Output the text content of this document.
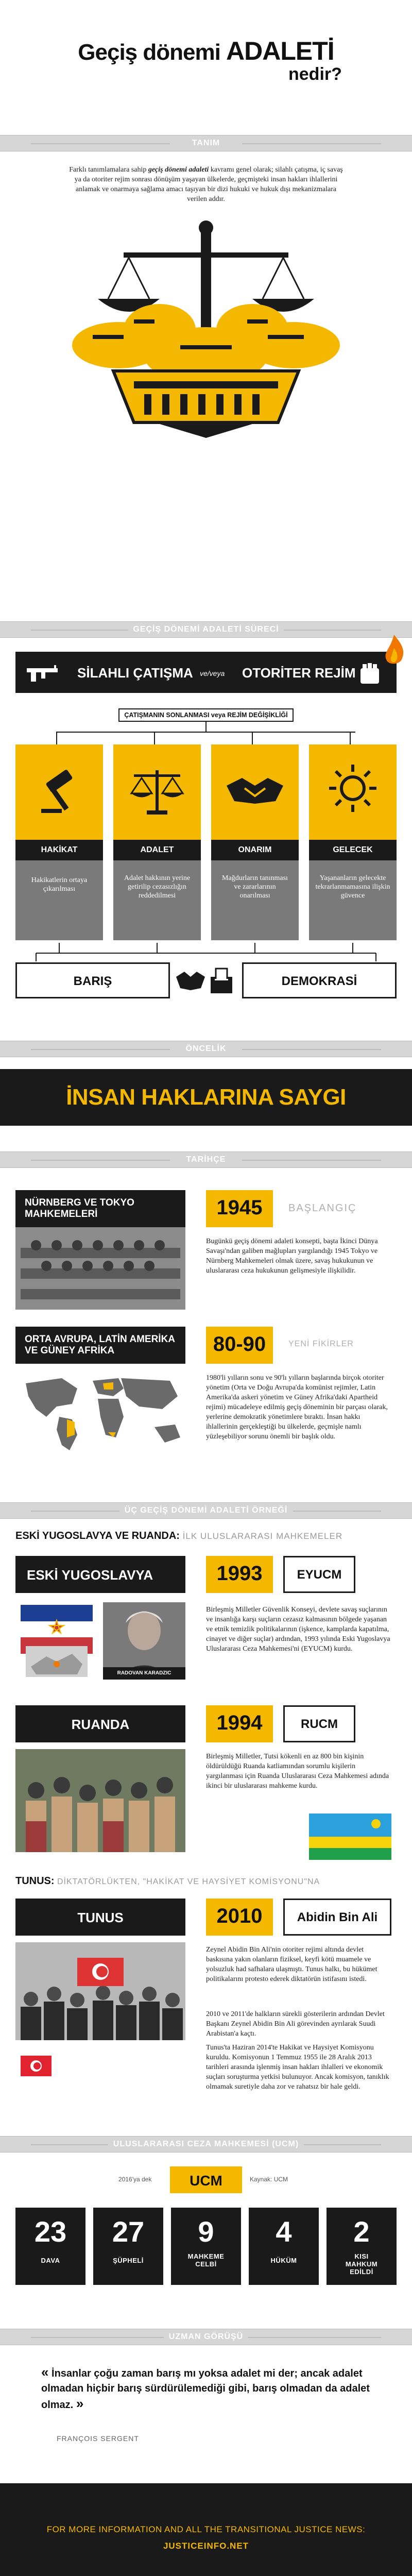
Geçiş dönemi ADALETİ
nedir?
TANIM
Farklı tanımlamalara sahip geçiş dönemi adaleti kavramı genel olarak; silahlı çatışma, iç savaş ya da otoriter rejim sonrası dönüşüm yaşayan ülkelerde, geçmişteki insan hakları ihlallerini anlamak ve onarmaya sağlama amacı taşıyan bir dizi hukuki ve hukuk dışı mekanizmalara verilen addır.
GEÇİŞ DÖNEMİ ADALETİ SÜRECİ
SİLAHLI ÇATIŞMA ve/veya OTORİTER REJİM
ÇATIŞMANIN SONLANMASI veya REJİM DEĞİŞİKLİĞİ
HAKİKAT
Hakikatlerin ortaya çıkarılması
ADALET
Adalet hakkının yerine getirilip cezasızlığın reddedilmesi
ONARIM
Mağdurların tanınması ve zararlarının onarılması
GELECEK
Yaşananların gelecekte tekrarlanmamasına ilişkin güvence
BARIŞ	DEMOKRASİ
ÖNCELİK
İNSAN HAKLARINA SAYGI
TARİHÇE
NÜRNBERG VE TOKYO MAHKEMELERİ	1945	BAŞLANGIÇ
Bugünkü geçiş dönemi adaleti konsepti, başta İkinci Dünya Savaşı'ndan galiben mağlupları yargılandığı 1945 Tokyo ve Nürnberg Mahkemeleri olmak üzere, savaş hukukunun ve uluslararası ceza hukukunun gelişmesiyle ilişkilidir.
ORTA AVRUPA, LATİN AMERİKA VE GÜNEY AFRİKA	80-90	YENİ FİKİRLER
1980'li yılların sonu ve 90'lı yılların başlarında birçok otoriter yönetim (Orta ve Doğu Avrupa'da komünist rejimler, Latin Amerika'da askeri yönetim ve Güney Afrika'daki Apartheid rejimi) mücadeleye edilmiş geçiş döneminin bir parçası olarak, yerlerine demokratik yönetimlere bıraktı. İnsan hakkı ihlallerinin gerçekleştiği bu ülkelerde, geçmişle namlı yüzleşebiliyor sorunu önemli bir başlık oldu.
ÜÇ GEÇİŞ DÖNEMİ ADALETİ ÖRNEĞİ
ESKİ YUGOSLAVYA VE RUANDA: İLK ULUSLARARASI MAHKEMELER
ESKİ YUGOSLAVYA	1993	EYUCM
RADOVAN KARADZIC
Birleşmiş Milletler Güvenlik Konseyi, devlete savaş suçlarının ve insanlığa karşı suçların cezasız kalmasının bölgede yaşanan ve etnik temizlik politikalarının (işkence, kamplarda kapatılma, cinayet ve diğer suçlar) ardından, 1993 yılında Eski Yugoslavya Uluslararası Ceza Mahkemesi'ni (EYUCM) kurdu.
RUANDA	1994	RUCM
Birleşmiş Milletler, Tutsi kökenli en az 800 bin kişinin öldürüldüğü Ruanda katliamından sorumlu kişilerin yargılanması için Ruanda Uluslararası Ceza Mahkemesi adında ikinci bir uluslararası mahkeme kurdu.
TUNUS: DİKTATÖRLÜKTEN, "HAKİKAT VE HAYSİYET KOMİSYONU"NA
TUNUS	2010	Abidin Bin Ali
Zeynel Abidin Bin Ali'nin otoriter rejimi altında devlet baskısına yakın olanların fiziksel, keyfi kötü muamele ve yolsuzluk had safhalara ulaşmıştı. Tunus halkı, bu hükümet politikalarını protesto ederek diktatörün istifasını istedi.
2010 ve 2011'de halkların sürekli gösterilerin ardından Devlet Başkanı Zeynel Abidin Bin Ali görevinden ayrılarak Suudi Arabistan'a kaçtı.
Tunus'ta Haziran 2014'te Hakikat ve Haysiyet Komisyonu kuruldu. Komisyonun 1 Temmuz 1955 ile 28 Aralık 2013 tarihleri arasında işlenmiş insan hakları ihlalleri ve ekonomik suçları soruşturma yetkisi bulunuyor. Ancak komisyon, tanıklık olmamak suretiyle daha zor ve rahatsız bir hale geldi.
ULUSLARARASI CEZA MAHKEMESİ (UCM)
2016'ya dek	UCM	Kaynak: UCM
23
DAVA
27
ŞÜPHELİ
9
MAHKEME CELBİ
4
HÜKÜM
2
KISI MAHKUM EDİLDİ
UZMAN GÖRÜŞÜ
« İnsanlar çoğu zaman barış mı yoksa adalet mi der; ancak adalet olmadan hiçbir barış sürdürülemediği gibi, barış olmadan da adalet olmaz. »
FRANÇOIS SERGENT
FOR MORE INFORMATION AND ALL THE TRANSITIONAL JUSTICE NEWS:
JUSTICEINFO.NET
